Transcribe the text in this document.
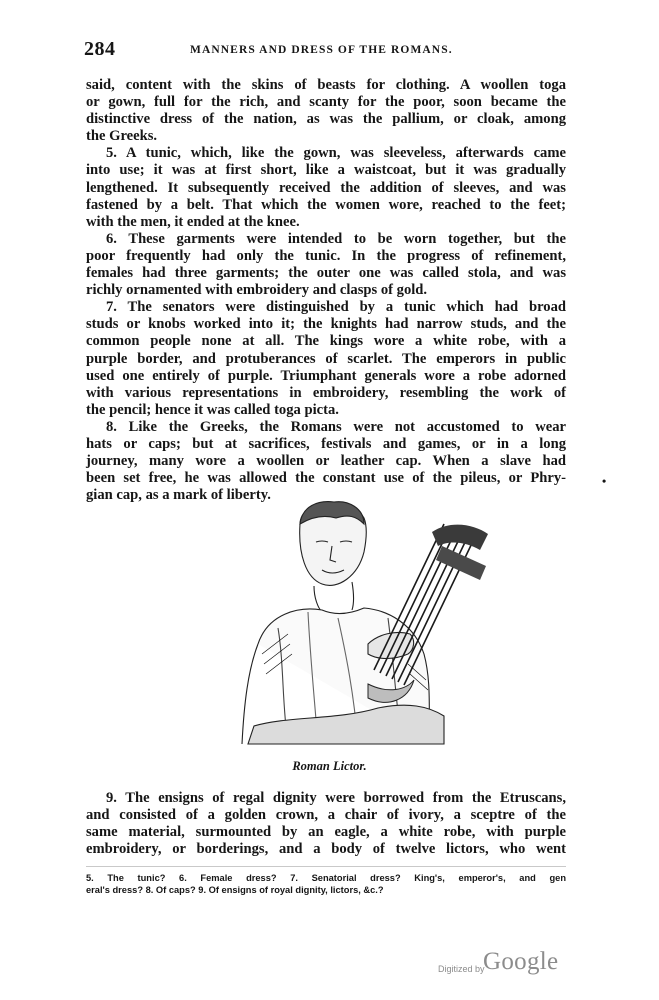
284	MANNERS AND DRESS OF THE ROMANS.
said, content with the skins of beasts for clothing. A woollen toga
or gown, full for the rich, and scanty for the poor, soon became the
distinctive dress of the nation, as was the pallium, or cloak, among
the Greeks.
5. A tunic, which, like the gown, was sleeveless, afterwards came
into use; it was at first short, like a waistcoat, but it was gradually
lengthened. It subsequently received the addition of sleeves, and was
fastened by a belt. That which the women wore, reached to the feet;
with the men, it ended at the knee.
6. These garments were intended to be worn together, but the
poor frequently had only the tunic. In the progress of refinement,
females had three garments; the outer one was called stola, and was
richly ornamented with embroidery and clasps of gold.
7. The senators were distinguished by a tunic which had broad
studs or knobs worked into it; the knights had narrow studs, and the
common people none at all. The kings wore a white robe, with a
purple border, and protuberances of scarlet. The emperors in public
used one entirely of purple. Triumphant generals wore a robe adorned
with various representations in embroidery, resembling the work of
the pencil; hence it was called toga picta.
8. Like the Greeks, the Romans were not accustomed to wear
hats or caps; but at sacrifices, festivals and games, or in a long
journey, many wore a woollen or leather cap. When a slave had
been set free, he was allowed the constant use of the pileus, or Phry-
gian cap, as a mark of liberty.
•
Roman Lictor.
9. The ensigns of regal dignity were borrowed from the Etruscans,
and consisted of a golden crown, a chair of ivory, a sceptre of the
same material, surmounted by an eagle, a white robe, with purple
embroidery, or borderings, and a body of twelve lictors, who went
5. The tunic? 6. Female dress? 7. Senatorial dress? King's, emperor's, and gen
eral's dress? 8. Of caps? 9. Of ensigns of royal dignity, lictors, &c.?
Digitized by
Google
